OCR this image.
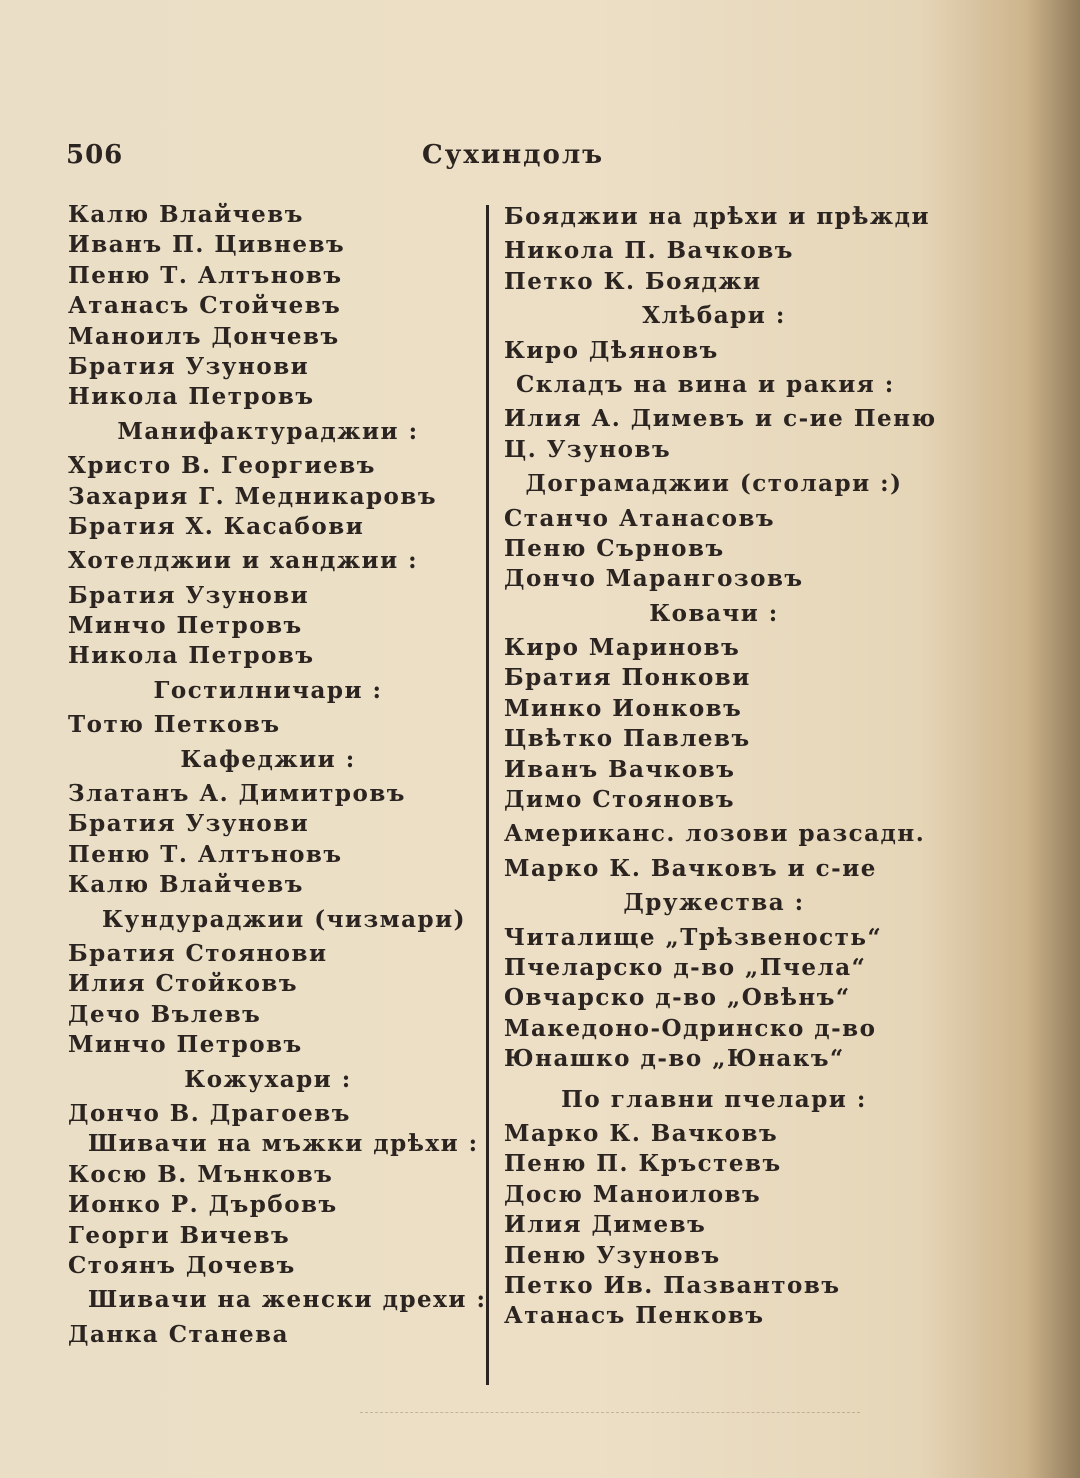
506	Сухиндолъ
Калю Влайчевъ
Иванъ П. Цивневъ
Пеню Т. Алтъновъ
Атанасъ Стойчевъ
Маноилъ Дончевъ
Братия Узунови
Никола Петровъ
Манифактураджии :
Христо В. Георгиевъ
Захария Г. Медникаровъ
Братия Х. Касабови
Хотелджии и ханджии :
Братия Узунови
Минчо Петровъ
Никола Петровъ
Гостилничари :
Тотю Петковъ
Кафеджии :
Златанъ А. Димитровъ
Братия Узунови
Пеню Т. Алтъновъ
Калю Влайчевъ
Кундураджии (чизмари)
Братия Стоянови
Илия Стойковъ
Дечо Вълевъ
Минчо Петровъ
Кожухари :
Дончо В. Драгоевъ
Шивачи на мъжки дрѣхи :
Косю В. Мънковъ
Ионко Р. Дърбовъ
Георги Вичевъ
Стоянъ Дочевъ
Шивачи на женски дрехи :
Данка Станева
Бояджии на дрѣхи и прѣжди
Никола П. Вачковъ
Петко К. Бояджи
Хлѣбари :
Киро Дѣяновъ
Складъ на вина и ракия :
Илия А. Димевъ и с-ие Пеню
Ц. Узуновъ
Дограмаджии (столари :)
Станчо Атанасовъ
Пеню Сърновъ
Дончо Марангозовъ
Ковачи :
Киро Мариновъ
Братия Понкови
Минко Ионковъ
Цвѣтко Павлевъ
Иванъ Вачковъ
Димо Стояновъ
Американс. лозови разсадн.
Марко К. Вачковъ и с-ие
Дружества :
Читалище „Трѣзвеность“
Пчеларско д-во „Пчела“
Овчарско д-во „Овѣнъ“
Македоно-Одринско д-во
Юнашко д-во „Юнакъ“
По главни пчелари :
Марко К. Вачковъ
Пеню П. Кръстевъ
Досю Маноиловъ
Илия Димевъ
Пеню Узуновъ
Петко Ив. Пазвантовъ
Атанасъ Пенковъ
